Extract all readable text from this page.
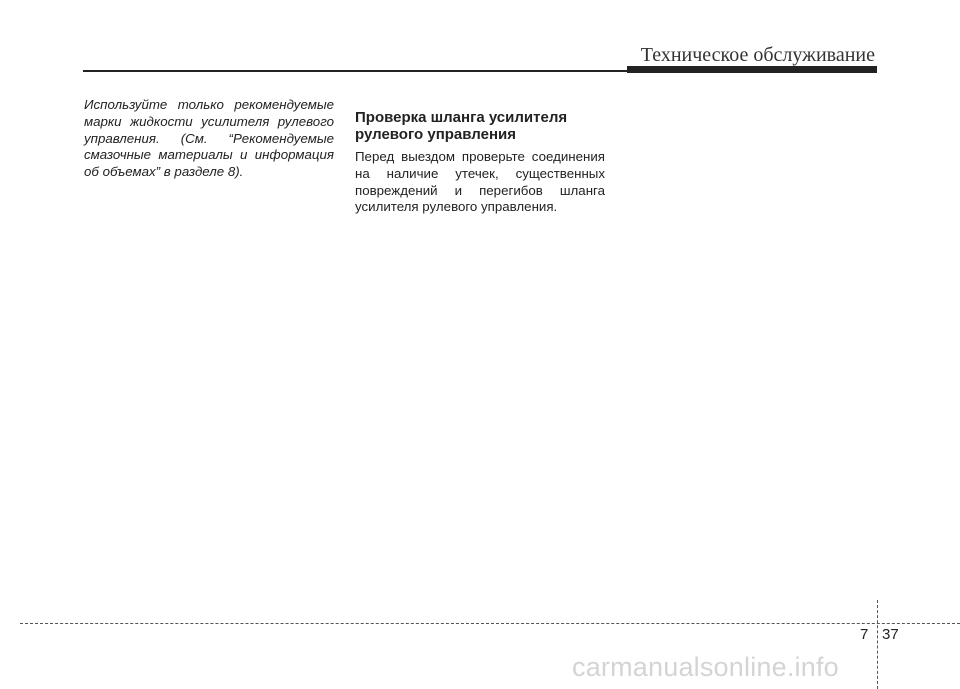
Техническое обслуживание

Используйте только рекомендуемые марки жидкости усилителя рулевого управления. (См. “Рекомендуемые смазочные материалы и информация об объемах” в разделе 8).

Проверка шланга усилителя рулевого управления

Перед выездом проверьте соединения на наличие утечек, существенных повреждений и перегибов шланга усилителя рулевого управления.

7 37
carmanualsonline.info
